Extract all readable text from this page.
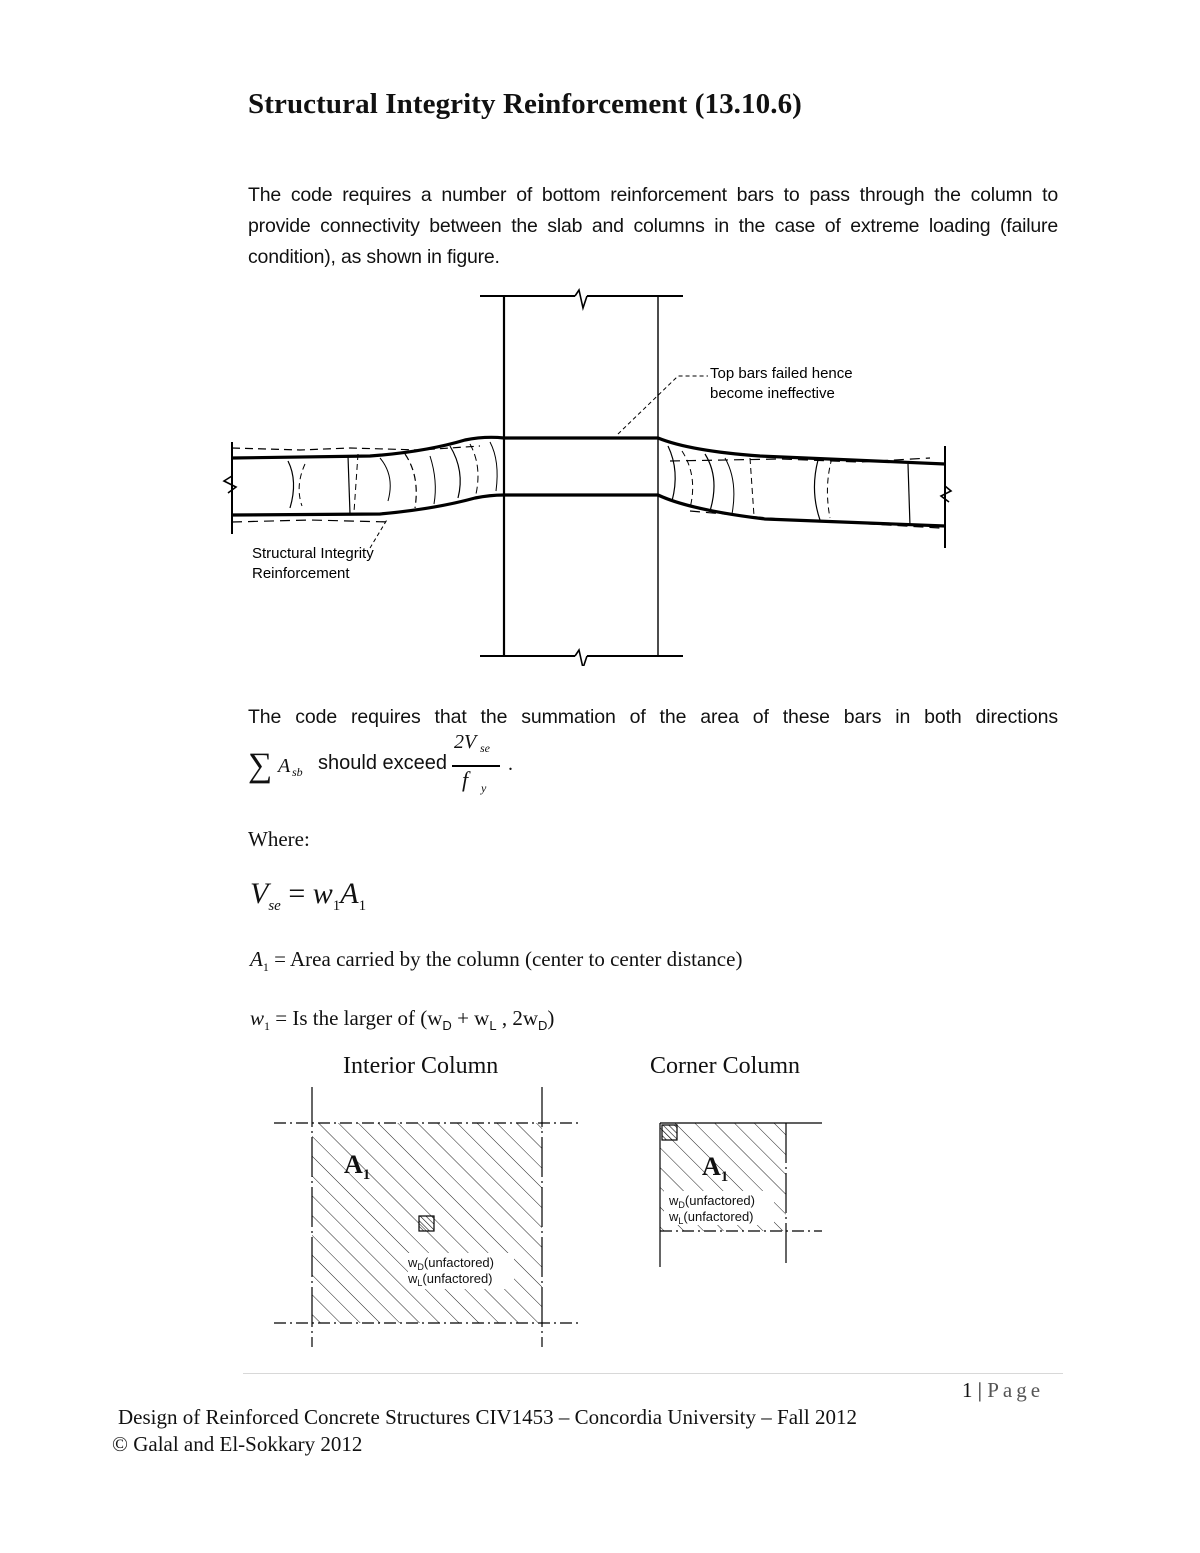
Structural Integrity Reinforcement (13.10.6)
The code requires a number of bottom reinforcement bars to pass through the column to provide connectivity between the slab and columns in the case of extreme loading (failure condition), as shown in figure.
Top bars failed hence
become ineffective
Structural Integrity
Reinforcement
The code requires that the summation of the area of these bars in both directions
∑ A sb should exceed
2V se
f y
.
Where:
$V_{se} = w_1A_1$
$A_1$ = Area carried by the column (center to center distance)
$w_1 = Is$ the larger of ($w_D + w_L$ , $2w_D$)
Interior Column	Corner Column
$A_1$
$w_D(unfactored)$
$w_L(unfactored)$
$A_1$
$w_D(unfactored)$
$w_L(unfactored)$
1 | Page
Design of Reinforced Concrete Structures CIV1453 – Concordia University – Fall 2012
© Galal and El-Sokkary 2012
